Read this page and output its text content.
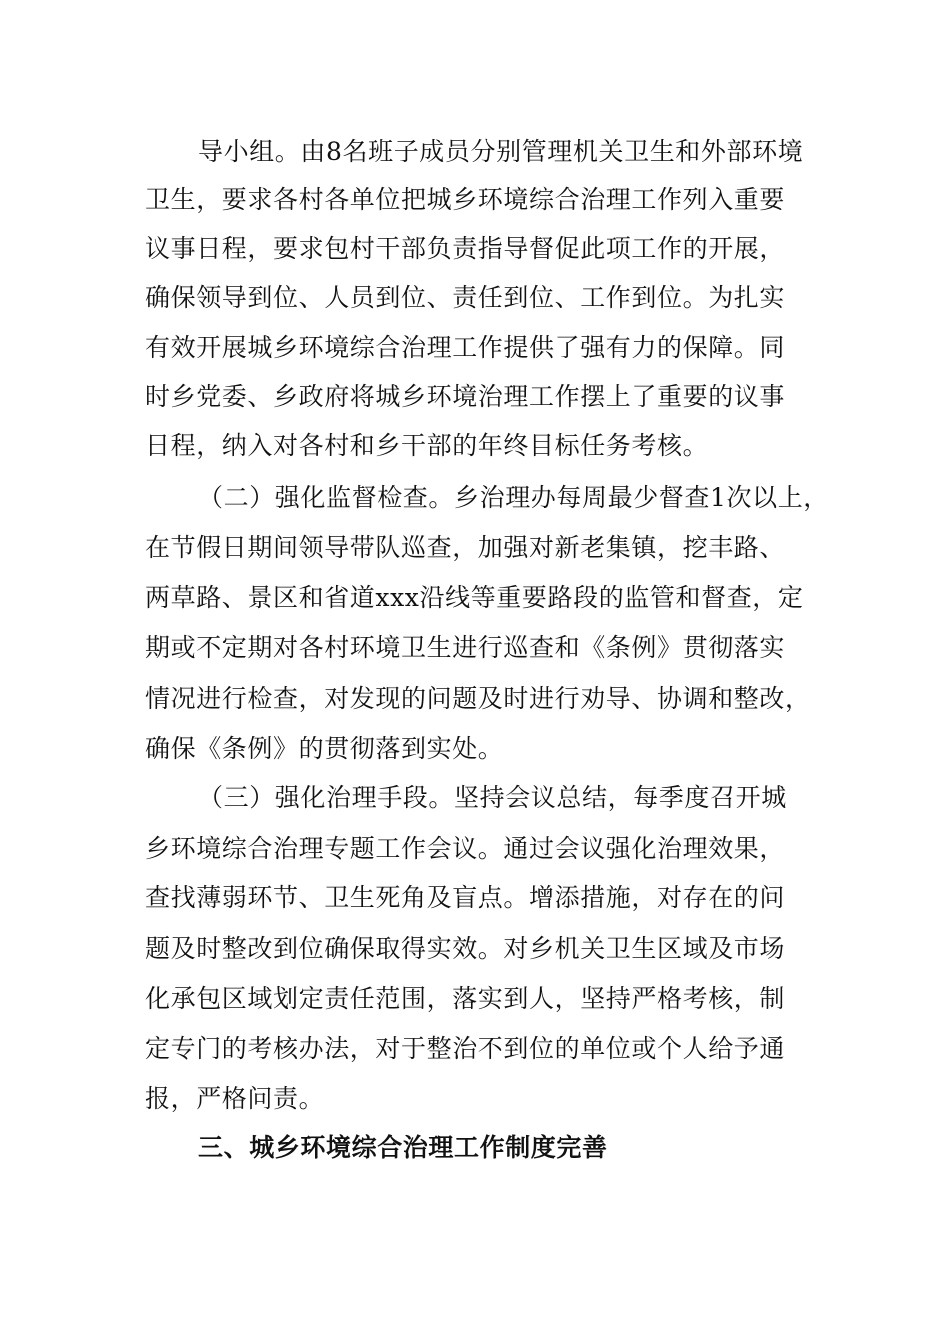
导小组。由8名班子成员分别管理机关卫生和外部环境
卫生，要求各村各单位把城乡环境综合治理工作列入重要
议事日程，要求包村干部负责指导督促此项工作的开展，
确保领导到位、人员到位、责任到位、工作到位。为扎实
有效开展城乡环境综合治理工作提供了强有力的保障。同
时乡党委、乡政府将城乡环境治理工作摆上了重要的议事
日程，纳入对各村和乡干部的年终目标任务考核。
（二）强化监督检查。乡治理办每周最少督查1次以上，
在节假日期间领导带队巡查，加强对新老集镇，挖丰路、
两草路、景区和省道xxx沿线等重要路段的监管和督查，定
期或不定期对各村环境卫生进行巡查和《条例》贯彻落实
情况进行检查，对发现的问题及时进行劝导、协调和整改，
确保《条例》的贯彻落到实处。
（三）强化治理手段。坚持会议总结，每季度召开城
乡环境综合治理专题工作会议。通过会议强化治理效果，
查找薄弱环节、卫生死角及盲点。增添措施，对存在的问
题及时整改到位确保取得实效。对乡机关卫生区域及市场
化承包区域划定责任范围，落实到人，坚持严格考核，制
定专门的考核办法，对于整治不到位的单位或个人给予通
报，严格问责。
三、城乡环境综合治理工作制度完善
